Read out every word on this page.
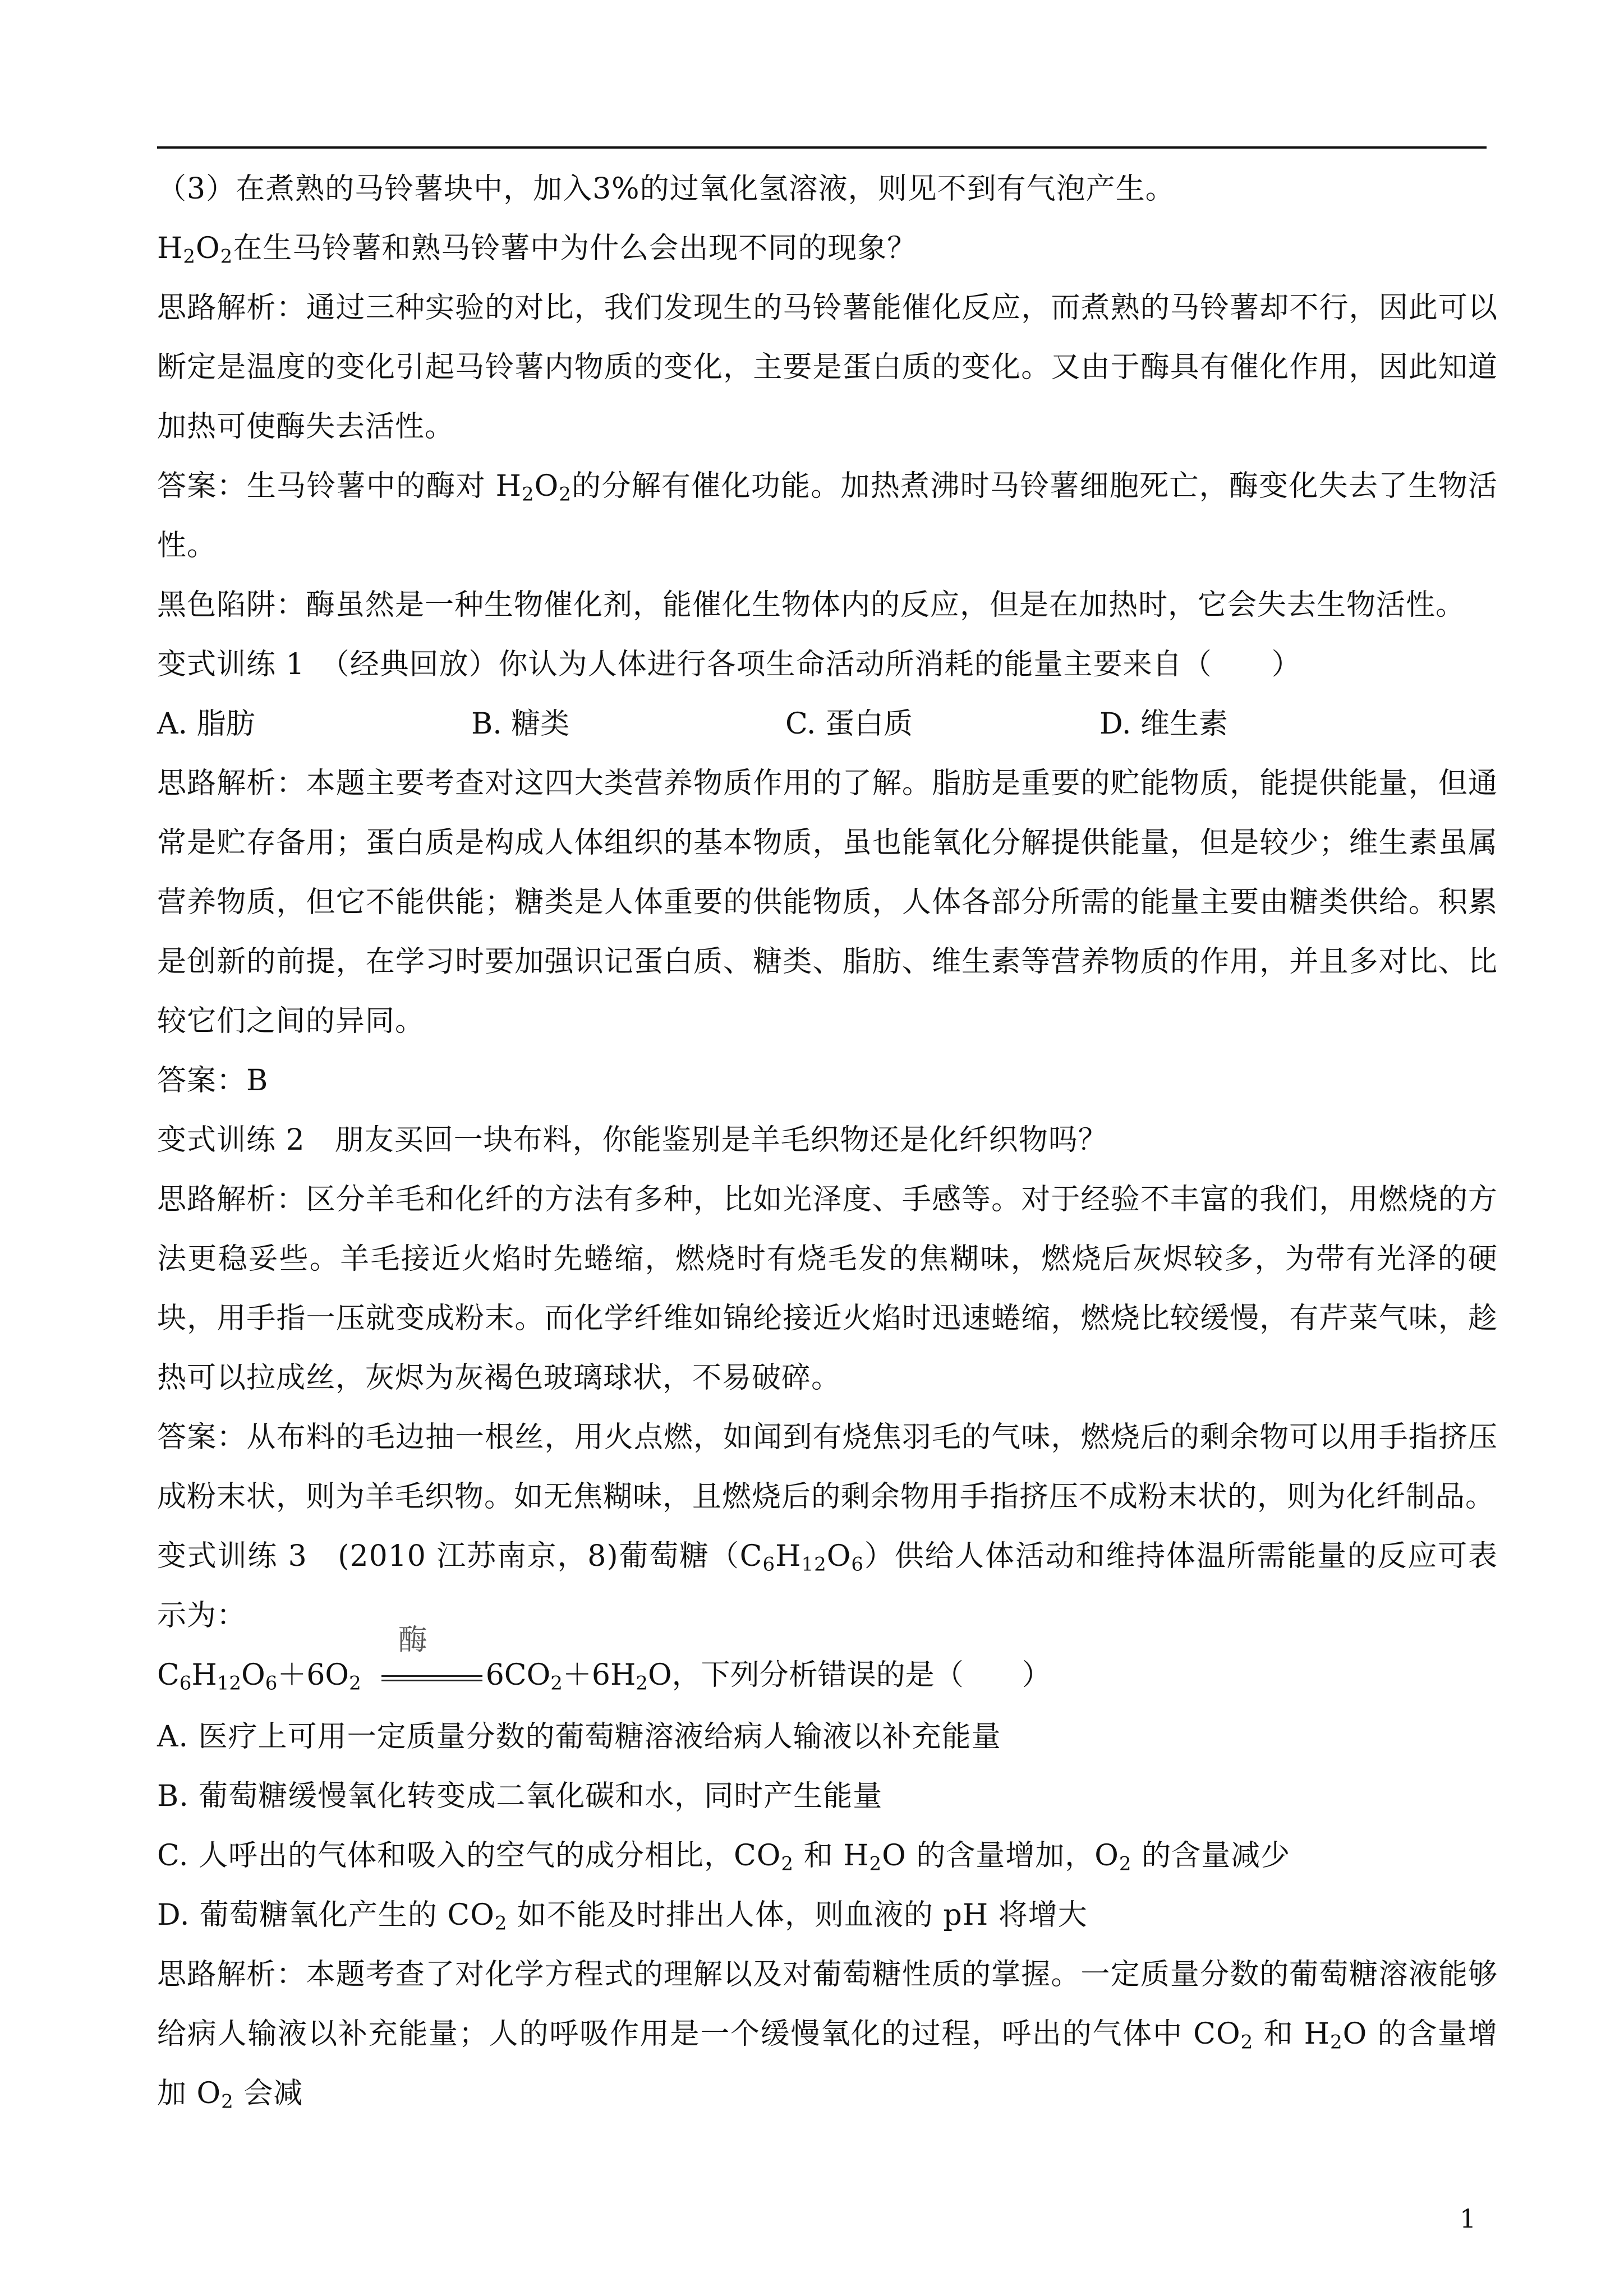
（3）在煮熟的马铃薯块中，加入3%的过氧化氢溶液，则见不到有气泡产生。

$H_2O_2$在生马铃薯和熟马铃薯中为什么会出现不同的现象？

思路解析：通过三种实验的对比，我们发现生的马铃薯能催化反应，而煮熟的马铃薯却不行，因此可以断定是温度的变化引起马铃薯内物质的变化，主要是蛋白质的变化。又由于酶具有催化作用，因此知道加热可使酶失去活性。

答案：生马铃薯中的酶对 $H_2O_2$的分解有催化功能。加热煮沸时马铃薯细胞死亡，酶变化失去了生物活性。

黑色陷阱：酶虽然是一种生物催化剂，能催化生物体内的反应，但是在加热时，它会失去生物活性。

变式训练 1　（经典回放）你认为人体进行各项生命活动所消耗的能量主要来自（　　）

A. 脂肪	B. 糖类	C. 蛋白质	D. 维生素

思路解析：本题主要考查对这四大类营养物质作用的了解。脂肪是重要的贮能物质，能提供能量，但通常是贮存备用；蛋白质是构成人体组织的基本物质，虽也能氧化分解提供能量，但是较少；维生素虽属营养物质，但它不能供能；糖类是人体重要的供能物质，人体各部分所需的能量主要由糖类供给。积累是创新的前提，在学习时要加强识记蛋白质、糖类、脂肪、维生素等营养物质的作用，并且多对比、比较它们之间的异同。

答案：B

变式训练 2　朋友买回一块布料，你能鉴别是羊毛织物还是化纤织物吗？

思路解析：区分羊毛和化纤的方法有多种，比如光泽度、手感等。对于经验不丰富的我们，用燃烧的方法更稳妥些。羊毛接近火焰时先蜷缩，燃烧时有烧毛发的焦糊味，燃烧后灰烬较多，为带有光泽的硬块，用手指一压就变成粉末。而化学纤维如锦纶接近火焰时迅速蜷缩，燃烧比较缓慢，有芹菜气味，趁热可以拉成丝，灰烬为灰褐色玻璃球状，不易破碎。

答案：从布料的毛边抽一根丝，用火点燃，如闻到有烧焦羽毛的气味，燃烧后的剩余物可以用手指挤压成粉末状，则为羊毛织物。如无焦糊味，且燃烧后的剩余物用手指挤压不成粉末状的，则为化纤制品。

变式训练 3　(2010 江苏南京，8)葡萄糖$(C_6H_{12}O_6)$供给人体活动和维持体温所需能量的反应可表示为：

$C_6H_{12}O_6+6O_2$
酶
$6CO_2+6H_2O$，下列分析错误的是（　　）

A. 医疗上可用一定质量分数的葡萄糖溶液给病人输液以补充能量

B. 葡萄糖缓慢氧化转变成二氧化碳和水，同时产生能量

C. 人呼出的气体和吸入的空气的成分相比，$CO_2$ 和 $H_2O$ 的含量增加，$O_2$ 的含量减少

D. 葡萄糖氧化产生的 $CO_2$ 如不能及时排出人体，则血液的 pH 将增大

思路解析：本题考查了对化学方程式的理解以及对葡萄糖性质的掌握。一定质量分数的葡萄糖溶液能够给病人输液以补充能量；人的呼吸作用是一个缓慢氧化的过程，呼出的气体中 $CO_2$ 和 $H_2O$ 的含量增加 $O_2$ 会减

1
